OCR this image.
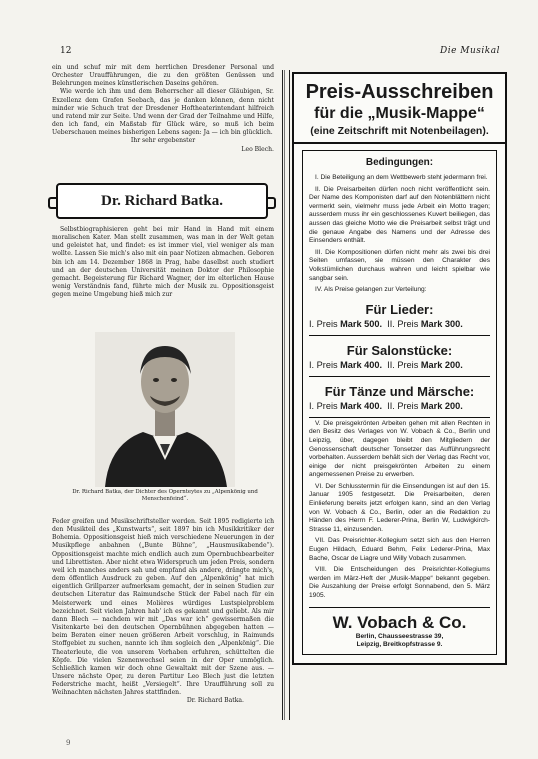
12	Die Musikal

ein und schuf mir mit dem herrlichen Dresdener Personal und Orchester Uraufführungen, die zu den größten Genüssen und Belehrungen meines künstlerischen Daseins gehören.

Wie werde ich ihm und dem Beherrscher all dieser Gläubigen, Sr. Exzellenz dem Grafen Seebach, das je danken können, denn nicht minder wie Schuch trat der Dresdener Hoftheaterintendant hilfreich und ratend mir zur Seite. Und wenn der Grad der Teilnahme und Hilfe, den ich fand, ein Maßstab für Glück wäre, so muß ich beim Ueberschauen meines bisherigen Lebens sagen: Ja — ich bin glücklich.

Ihr sehr ergebenster

Leo Blech.

Dr. Richard Batka.

Selbstbiographisieren geht bei mir Hand in Hand mit einem moralischen Kater. Man stellt zusammen, was man in der Welt getan und geleistet hat, und findet: es ist immer viel, viel weniger als man wollte. Lassen Sie mich's also mit ein paar Notizen abmachen. Geboren bin ich am 14. Dezember 1868 in Prag, habe daselbst auch studiert und an der deutschen Universität meinen Doktor der Philosophie gemacht. Begeisterung für Richard Wagner, der im elterlichen Hause wenig Verständnis fand, führte mich der Musik zu. Oppositionsgeist gegen meine Umgebung hieß mich zur

Dr. Richard Batka, der Dichter des Opernteytes zu „Alpenkönig und Menschenfeind“.

Feder greifen und Musikschriftsteller werden. Seit 1895 redigierte ich den Musikteil des „Kunstwarts“, seit 1897 bin ich Musikkritiker der Bohemia. Oppositionsgeist hieß mich verschiedene Neuerungen in der Musikpflege anbahnen („Bunte Bühne“, „Hausmusikabende“). Oppositionsgeist machte mich endlich auch zum Opernbuchbearbeiter und Librettisten. Aber nicht etwa Widerspruch um jeden Preis, sondern weil ich manches anders sah und empfand als andere, drängte mich's, dem öffentlich Ausdruck zu geben. Auf den „Alpenkönig“ hat mich eigentlich Grillparzer aufmerksam gemacht, der in seinen Studien zur deutschen Literatur das Raimundsche Stück der Fabel nach für ein Meisterwerk und eines Molières würdiges Lustspielproblem bezeichnet. Seit vielen Jahren hab' ich es gekannt und geliebt. Als mir dann Blech — nachdem wir mit „Das war ich“ gewissermaßen die Visitenkarte bei den deutschen Opernbühnen abgegeben hatten — beim Beraten einer neuen größeren Arbeit vorschlug, in Raimunds Stoffgebiet zu suchen, nannte ich ihm sogleich den „Alpenkönig“. Die Theaterleute, die von unserem Vorhaben erfuhren, schüttelten die Köpfe. Die vielen Szenenwechsel seien in der Oper unmöglich. Schließlich kamen wir doch ohne Gewaltakt mit der Szene aus. — Unsere nächste Oper, zu deren Partitur Leo Blech just die letzten Federstriche macht, heißt „Versiegelt“. Ihre Uraufführung soll zu Weihnachten nächsten Jahres stattfinden.

Dr. Richard Batka.

Preis-Ausschreiben
für die „Musik-Mappe“
(eine Zeitschrift mit Notenbeilagen).
Bedingungen:

I. Die Beteiligung an dem Wettbewerb steht jedermann frei.

II. Die Preisarbeiten dürfen noch nicht veröffentlicht sein. Der Name des Komponisten darf auf den Notenblättern nicht vermerkt sein, vielmehr muss jede Arbeit ein Motto tragen; ausserdem muss ihr ein geschlossenes Kuvert beiliegen, das aussen das gleiche Motto wie die Preisarbeit selbst trägt und die genaue Angabe des Namens und der Adresse des Einsenders enthält.

III. Die Kompositionen dürfen nicht mehr als zwei bis drei Seiten umfassen, sie müssen den Charakter des Volkstümlichen durchaus wahren und leicht spielbar wie sangbar sein.

IV. Als Preise gelangen zur Verteilung:

Für Lieder:
I. Preis Mark 500. II. Preis Mark 300.
Für Salonstücke:
I. Preis Mark 400. II. Preis Mark 200.
Für Tänze und Märsche:
I. Preis Mark 400. II. Preis Mark 200.

V. Die preisgekrönten Arbeiten gehen mit allen Rechten in den Besitz des Verlages von W. Vobach & Co., Berlin und Leipzig, über, dagegen bleibt den Mitgliedern der Genossenschaft deutscher Tonsetzer das Aufführungsrecht vorbehalten. Ausserdem behält sich der Verlag das Recht vor, einige der nicht preisgekrönten Arbeiten zu einem angemessenen Preise zu erwerben.

VI. Der Schlusstermin für die Einsendungen ist auf den 15. Januar 1905 festgesetzt. Die Preisarbeiten, deren Einlieferung bereits jetzt erfolgen kann, sind an den Verlag von W. Vobach & Co., Berlin, oder an die Redaktion zu Händen des Herrn F. Lederer-Prina, Berlin W, Ludwigkirch-Strasse 11, einzusenden.

VII. Das Preisrichter-Kollegium setzt sich aus den Herren Eugen Hildach, Eduard Behm, Felix Lederer-Prina, Max Bache, Oscar de Liagre und Willy Vobach zusammen.

VIII. Die Entscheidungen des Preisrichter-Kollegiums werden im März-Heft der „Musik-Mappe“ bekannt gegeben. Die Auszahlung der Preise erfolgt Sonnabend, den 5. März 1905.

W. Vobach & Co.
Berlin, Chausseestrasse 39,
Leipzig, Breitkopfstrasse 9.
9
